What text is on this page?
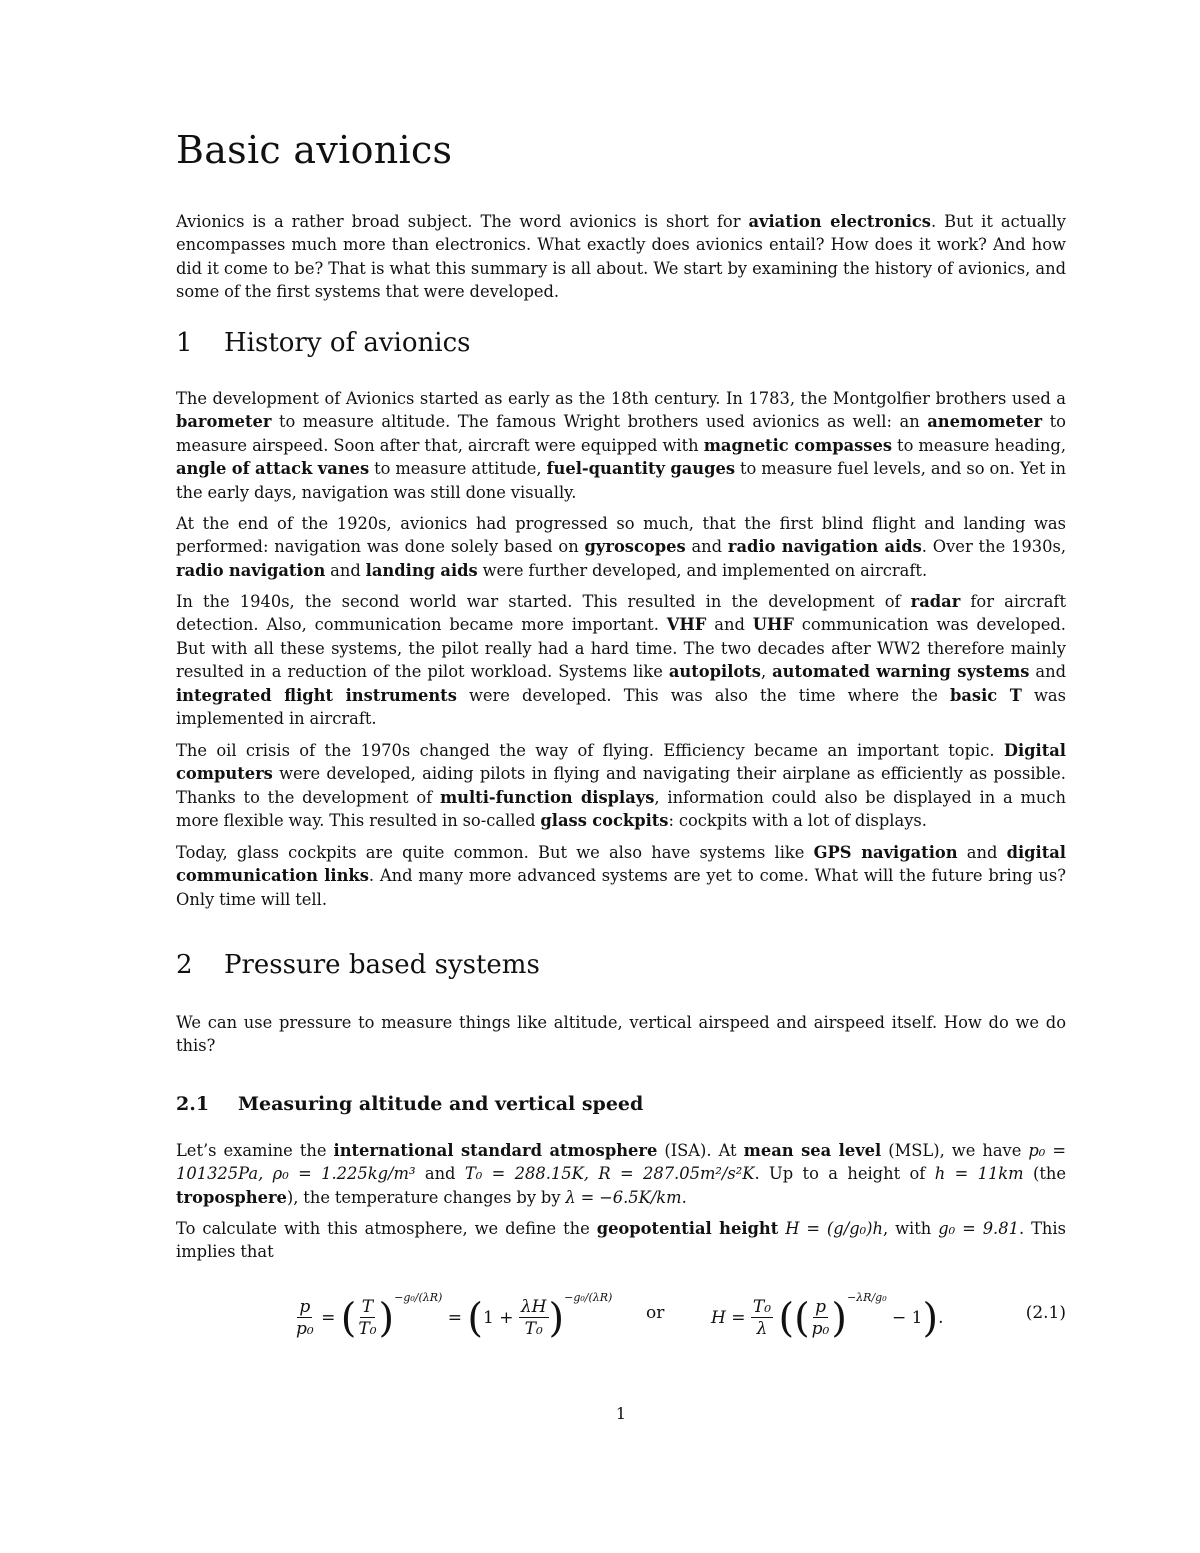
Basic avionics

Avionics is a rather broad subject. The word avionics is short for aviation electronics. But it actually encompasses much more than electronics. What exactly does avionics entail? How does it work? And how did it come to be? That is what this summary is all about. We start by examining the history of avionics, and some of the first systems that were developed.

1 History of avionics

The development of Avionics started as early as the 18th century. In 1783, the Montgolfier brothers used a barometer to measure altitude. The famous Wright brothers used avionics as well: an anemometer to measure airspeed. Soon after that, aircraft were equipped with magnetic compasses to measure heading, angle of attack vanes to measure attitude, fuel-quantity gauges to measure fuel levels, and so on. Yet in the early days, navigation was still done visually.

At the end of the 1920s, avionics had progressed so much, that the first blind flight and landing was performed: navigation was done solely based on gyroscopes and radio navigation aids. Over the 1930s, radio navigation and landing aids were further developed, and implemented on aircraft.

In the 1940s, the second world war started. This resulted in the development of radar for aircraft detection. Also, communication became more important. VHF and UHF communication was developed. But with all these systems, the pilot really had a hard time. The two decades after WW2 therefore mainly resulted in a reduction of the pilot workload. Systems like autopilots, automated warning systems and integrated flight instruments were developed. This was also the time where the basic T was implemented in aircraft.

The oil crisis of the 1970s changed the way of flying. Efficiency became an important topic. Digital computers were developed, aiding pilots in flying and navigating their airplane as efficiently as possible. Thanks to the development of multi-function displays, information could also be displayed in a much more flexible way. This resulted in so-called glass cockpits: cockpits with a lot of displays.

Today, glass cockpits are quite common. But we also have systems like GPS navigation and digital communication links. And many more advanced systems are yet to come. What will the future bring us? Only time will tell.

2 Pressure based systems

We can use pressure to measure things like altitude, vertical airspeed and airspeed itself. How do we do this?

2.1 Measuring altitude and vertical speed

Let’s examine the international standard atmosphere (ISA). At mean sea level (MSL), we have p₀ = 101325Pa, ρ₀ = 1.225kg/m³ and T₀ = 288.15K, R = 287.05m²/s²K. Up to a height of h = 11km (the troposphere), the temperature changes by by λ = −6.5K/km.

To calculate with this atmosphere, we define the geopotential height H = (g/g₀)h, with g₀ = 9.81. This implies that

$\frac{p}{\text{p₀}}$ = ( $\frac{T}{\text{T₀}} )^{-g_0/(\lambda R)} = (1 + \frac{\lambda H}{\text{T₀}} )^{-g_0/(\lambda R)}$
or	$H = \frac{\text{T₀}}{\lambda}$ (( $\frac{p}{\text{p₀}} )^{-\lambda R/g_0} - 1$).	(2.1)
1
